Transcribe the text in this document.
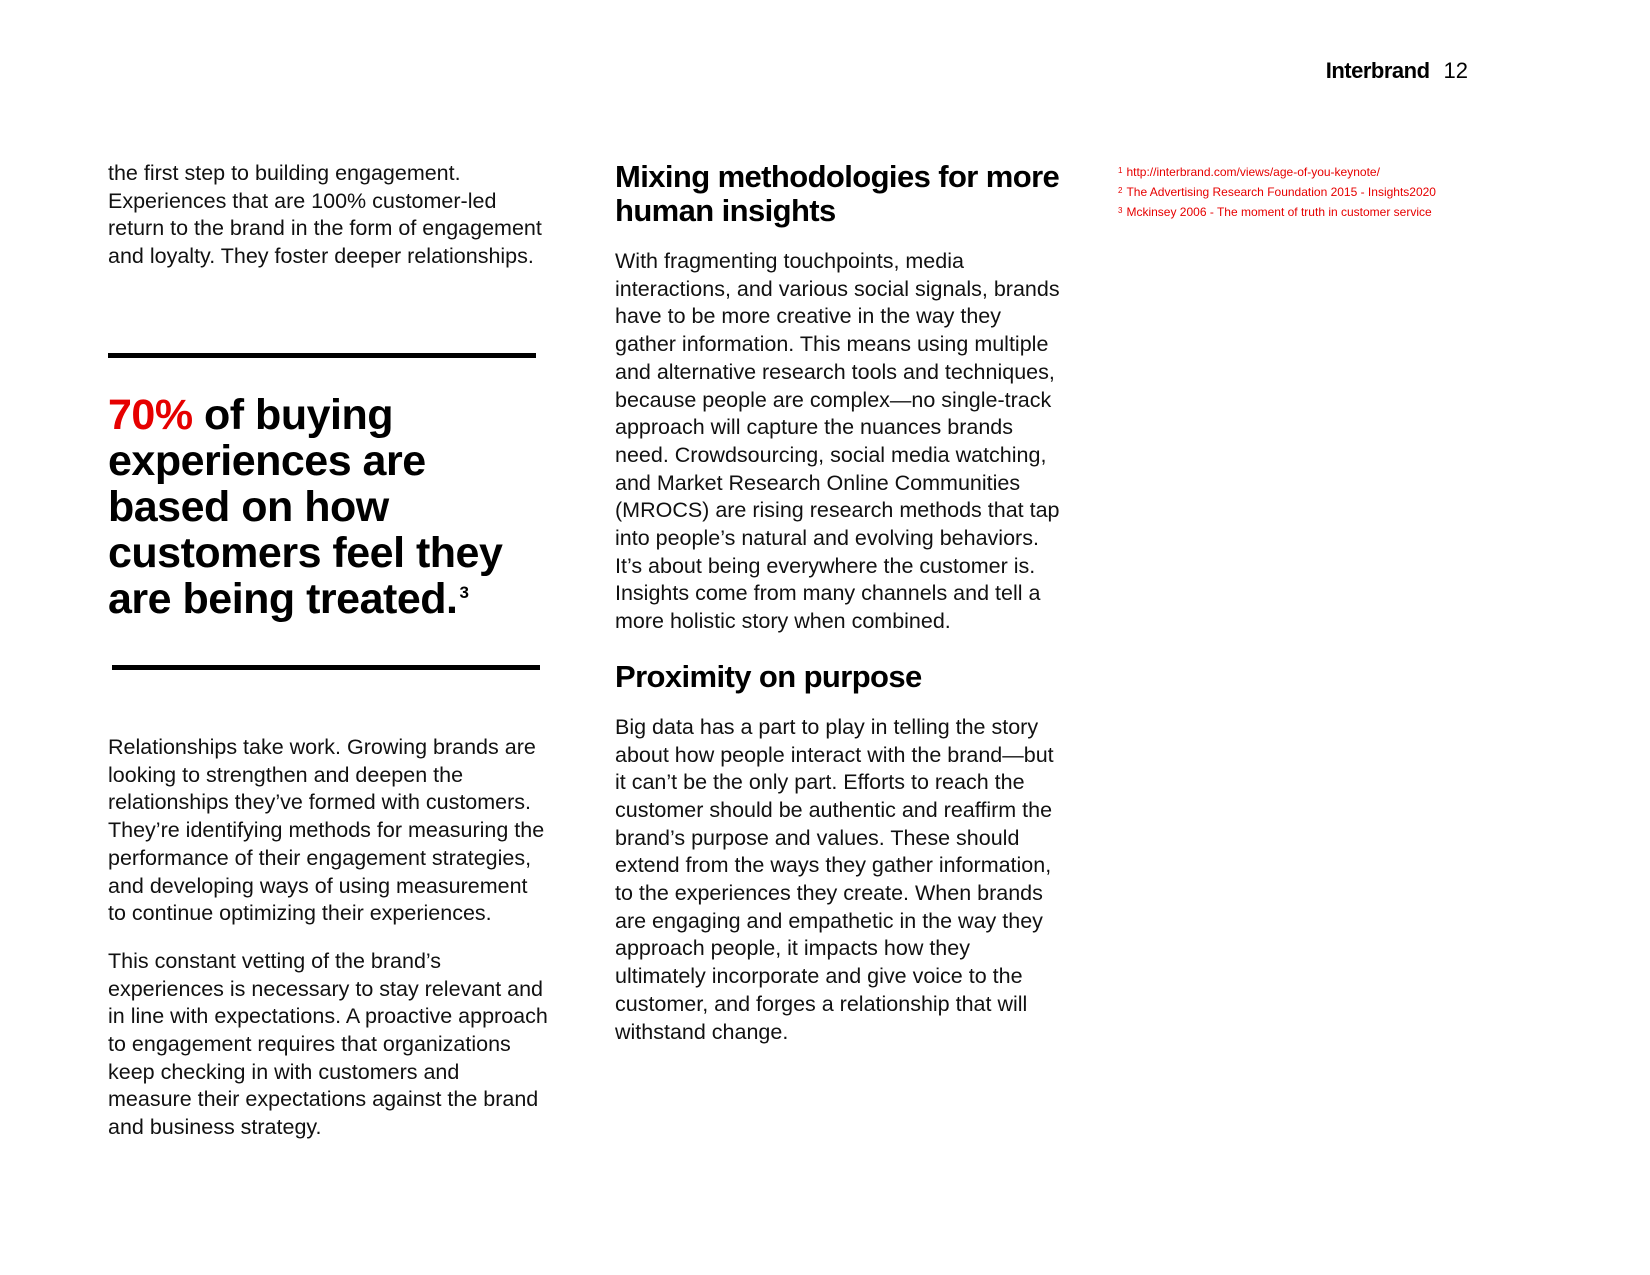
Interbrand 12

the first step to building engagement. Experiences that are 100% customer-led return to the brand in the form of engagement and loyalty. They foster deeper relationships.

70% of buying experiences are based on how customers feel they are being treated. $^3$

Relationships take work. Growing brands are looking to strengthen and deepen the relationships they’ve formed with customers. They’re identifying methods for measuring the performance of their engagement strategies, and developing ways of using measurement to continue optimizing their experiences.

This constant vetting of the brand’s experiences is necessary to stay relevant and in line with expectations. A proactive approach to engagement requires that organizations keep checking in with customers and measure their expectations against the brand and business strategy.

Mixing methodologies for more human insights

With fragmenting touchpoints, media interactions, and various social signals, brands have to be more creative in the way they gather information. This means using multiple and alternative research tools and techniques, because people are complex—no single-track approach will capture the nuances brands need. Crowdsourcing, social media watching, and Market Research Online Communities (MROCS) are rising research methods that tap into people’s natural and evolving behaviors. It’s about being everywhere the customer is. Insights come from many channels and tell a more holistic story when combined.

Proximity on purpose

Big data has a part to play in telling the story about how people interact with the brand—but it can’t be the only part. Efforts to reach the customer should be authentic and reaffirm the brand’s purpose and values. These should extend from the ways they gather information, to the experiences they create. When brands are engaging and empathetic in the way they approach people, it impacts how they ultimately incorporate and give voice to the customer, and forges a relationship that will withstand change.

$^1$ http://interbrand.com/views/age-of-you-keynote/
$^2$ The Advertising Research Foundation 2015 - Insights2020
$^3$ Mckinsey 2006 - The moment of truth in customer service
